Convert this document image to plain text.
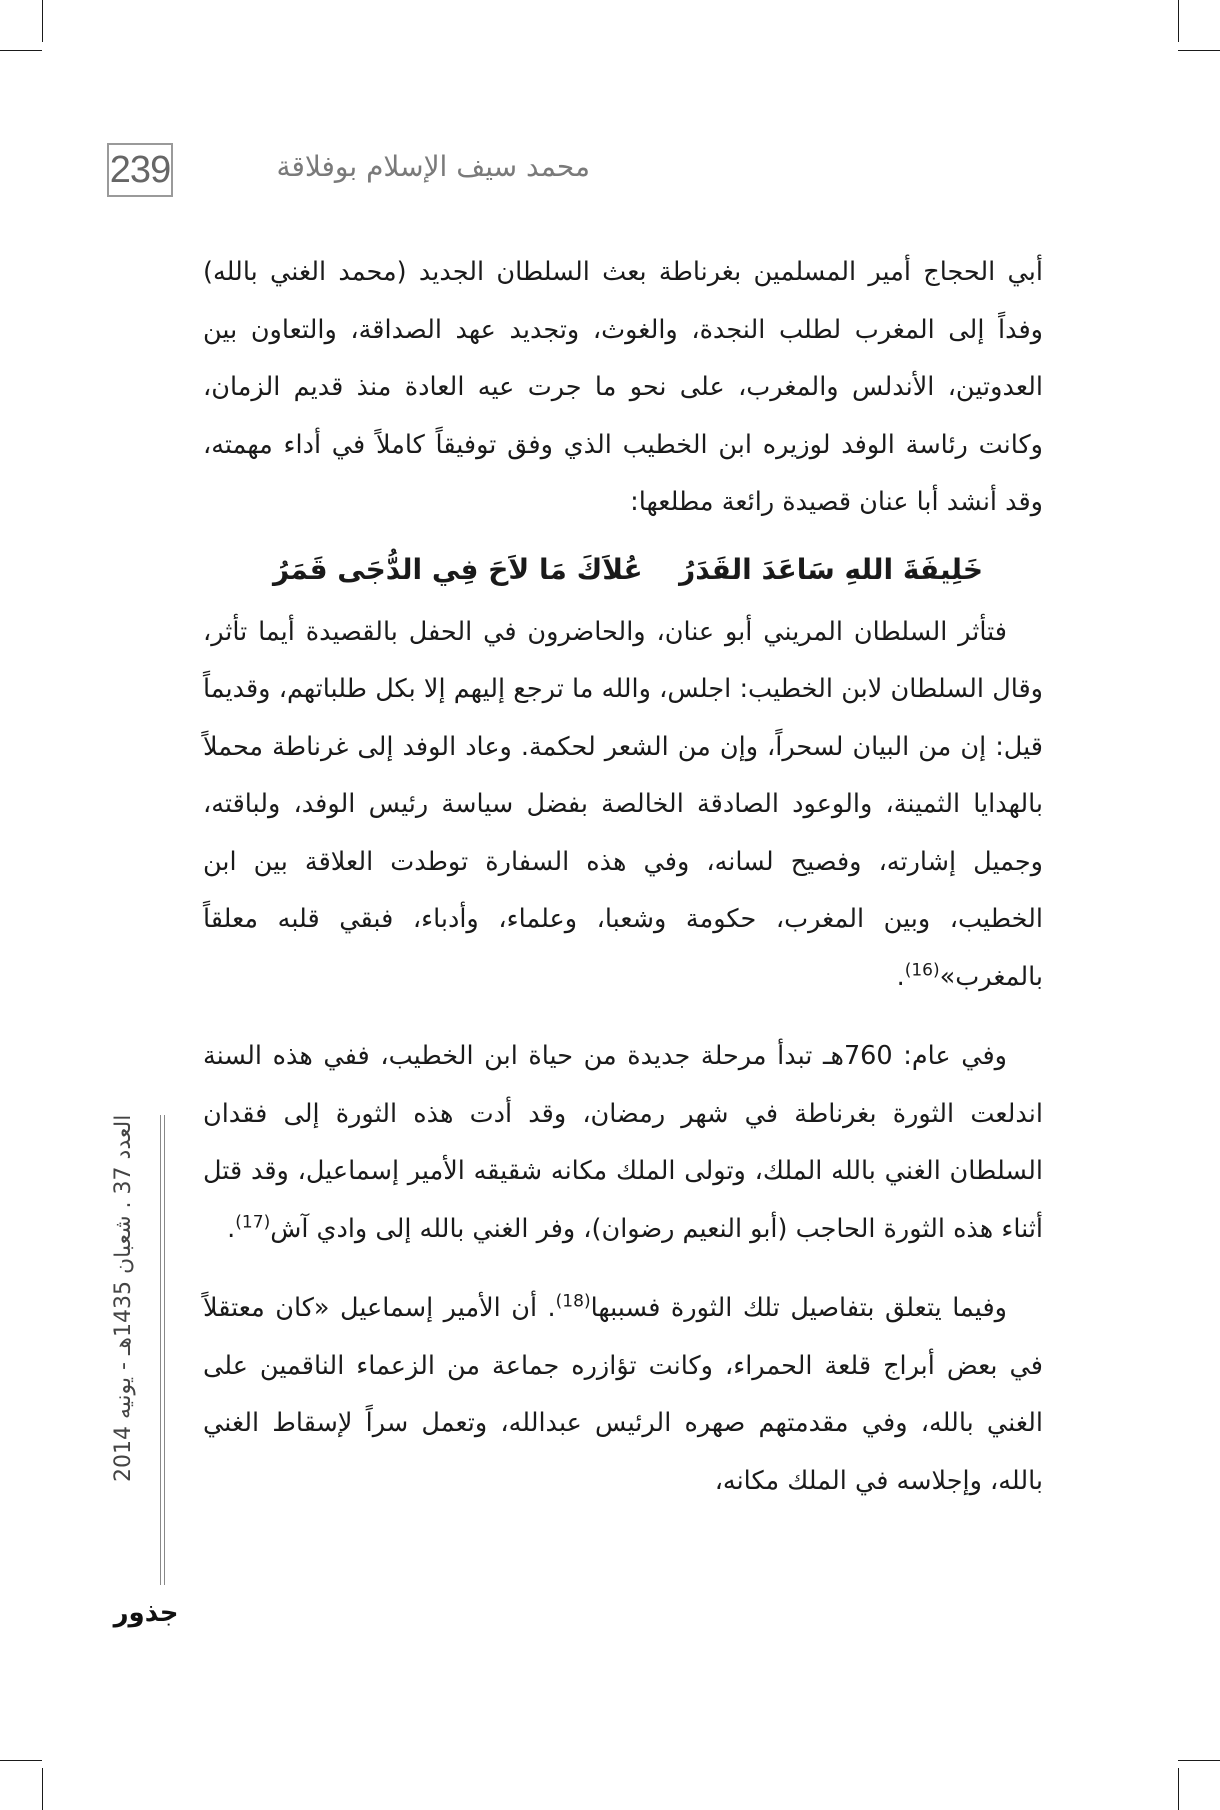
239	محمد سيف الإسلام بوفلاقة

أبي الحجاج أمير المسلمين بغرناطة بعث السلطان الجديد (محمد الغني بالله) وفداً إلى المغرب لطلب النجدة، والغوث، وتجديد عهد الصداقة، والتعاون بين العدوتين، الأندلس والمغرب، على نحو ما جرت عيه العادة منذ قديم الزمان، وكانت رئاسة الوفد لوزيره ابن الخطيب الذي وفق توفيقاً كاملاً في أداء مهمته، وقد أنشد أبا عنان قصيدة رائعة مطلعها:

خَلِيفَةَ اللهِ سَاعَدَ القَدَرُ
عُلاَكَ مَا لاَحَ فِي الدُّجَى قَمَرُ

فتأثر السلطان المريني أبو عنان، والحاضرون في الحفل بالقصيدة أيما تأثر، وقال السلطان لابن الخطيب: اجلس، والله ما ترجع إليهم إلا بكل طلباتهم، وقديماً قيل: إن من البيان لسحراً، وإن من الشعر لحكمة. وعاد الوفد إلى غرناطة محملاً بالهدايا الثمينة، والوعود الصادقة الخالصة بفضل سياسة رئيس الوفد، ولباقته، وجميل إشارته، وفصيح لسانه، وفي هذه السفارة توطدت العلاقة بين ابن الخطيب، وبين المغرب، حكومة وشعبا، وعلماء، وأدباء، فبقي قلبه معلقاً بالمغرب»$^{(16)}$.

وفي عام: 760هـ تبدأ مرحلة جديدة من حياة ابن الخطيب، ففي هذه السنة اندلعت الثورة بغرناطة في شهر رمضان، وقد أدت هذه الثورة إلى فقدان السلطان الغني بالله الملك، وتولى الملك مكانه شقيقه الأمير إسماعيل، وقد قتل أثناء هذه الثورة الحاجب (أبو النعيم رضوان)، وفر الغني بالله إلى وادي آش$^{(17)}$.

وفيما يتعلق بتفاصيل تلك الثورة فسببها$^{(18)}$. أن الأمير إسماعيل «كان معتقلاً في بعض أبراج قلعة الحمراء، وكانت تؤازره جماعة من الزعماء الناقمين على الغني بالله، وفي مقدمتهم صهره الرئيس عبدالله، وتعمل سراً لإسقاط الغني بالله، وإجلاسه في الملك مكانه،

العدد 37 . شعبان 1435هـ - يونيه 2014
جذور
